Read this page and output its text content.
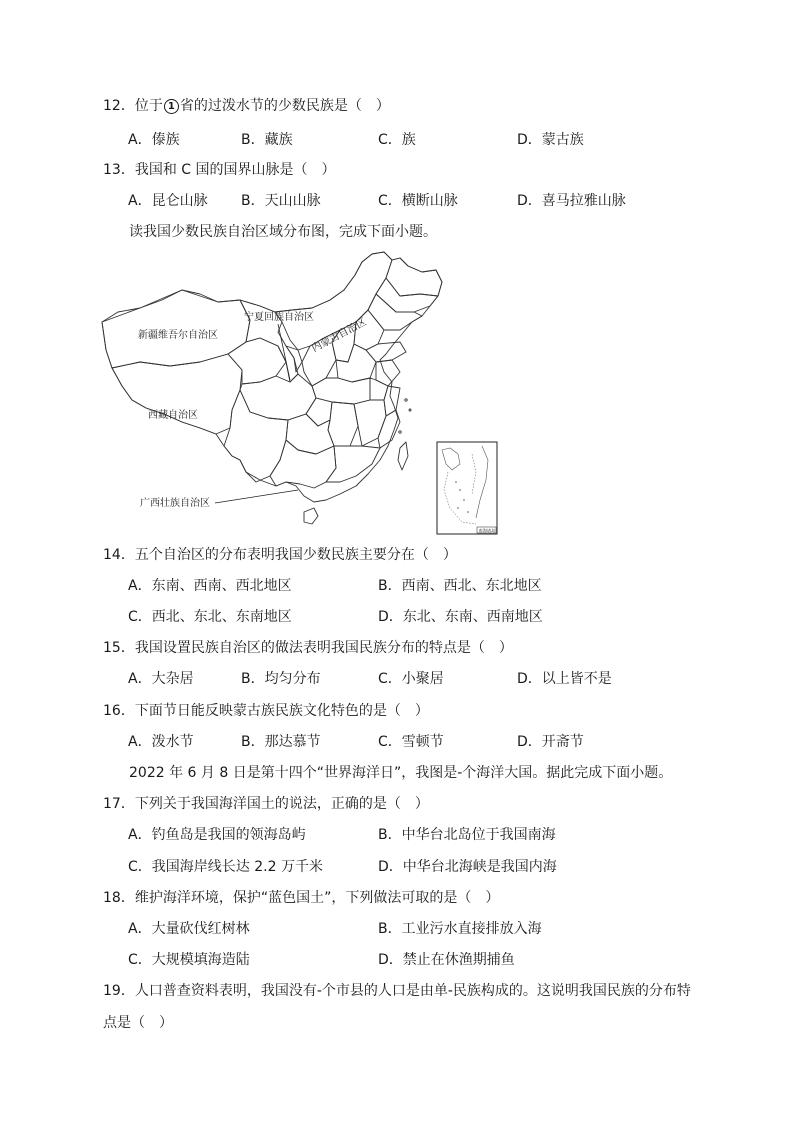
12．位于 1 省的过泼水节的少数民族是（　）
A．傣族	B．藏族	C．族	D．蒙古族
13．我国和 C 国的国界山脉是（　）
A．昆仑山脉 B．天山山脉	C．横断山脉	D．喜马拉雅山脉
读我国少数民族自治区域分布图，完成下面小题。
新疆维吾尔自治区
宁夏回族自治区
内蒙古自治区
西藏自治区
广西壮族自治区
南海诸岛
14．五个自治区的分布表明我国少数民族主要分在（　）
A．东南、西南、西北地区	B．西南、西北、东北地区
C．西北、东北、东南地区	D．东北、东南、西南地区
15．我国设置民族自治区的做法表明我国民族分布的特点是（　）
A．大杂居	B．均匀分布	C．小聚居	D．以上皆不是
16．下面节日能反映蒙古族民族文化特色的是（　）
A．泼水节	B．那达慕节	C．雪顿节	D．开斋节
2022 年 6 月 8 日是第十四个“世界海洋日”，我图是-个海洋大国。据此完成下面小题。
17．下列关于我国海洋国土的说法，正确的是（　）
A．钓鱼岛是我国的领海岛屿	B．中华台北岛位于我国南海
C．我国海岸线长达 2.2 万千米	D．中华台北海峡是我国内海
18．维护海洋环境，保护“蓝色国土”，下列做法可取的是（　）
A．大量砍伐红树林	B．工业污水直接排放入海
C．大规模填海造陆	D．禁止在休渔期捕鱼
19．人口普查资料表明，我国没有-个市县的人口是由单-民族构成的。这说明我国民族的分布特
点是（　）
